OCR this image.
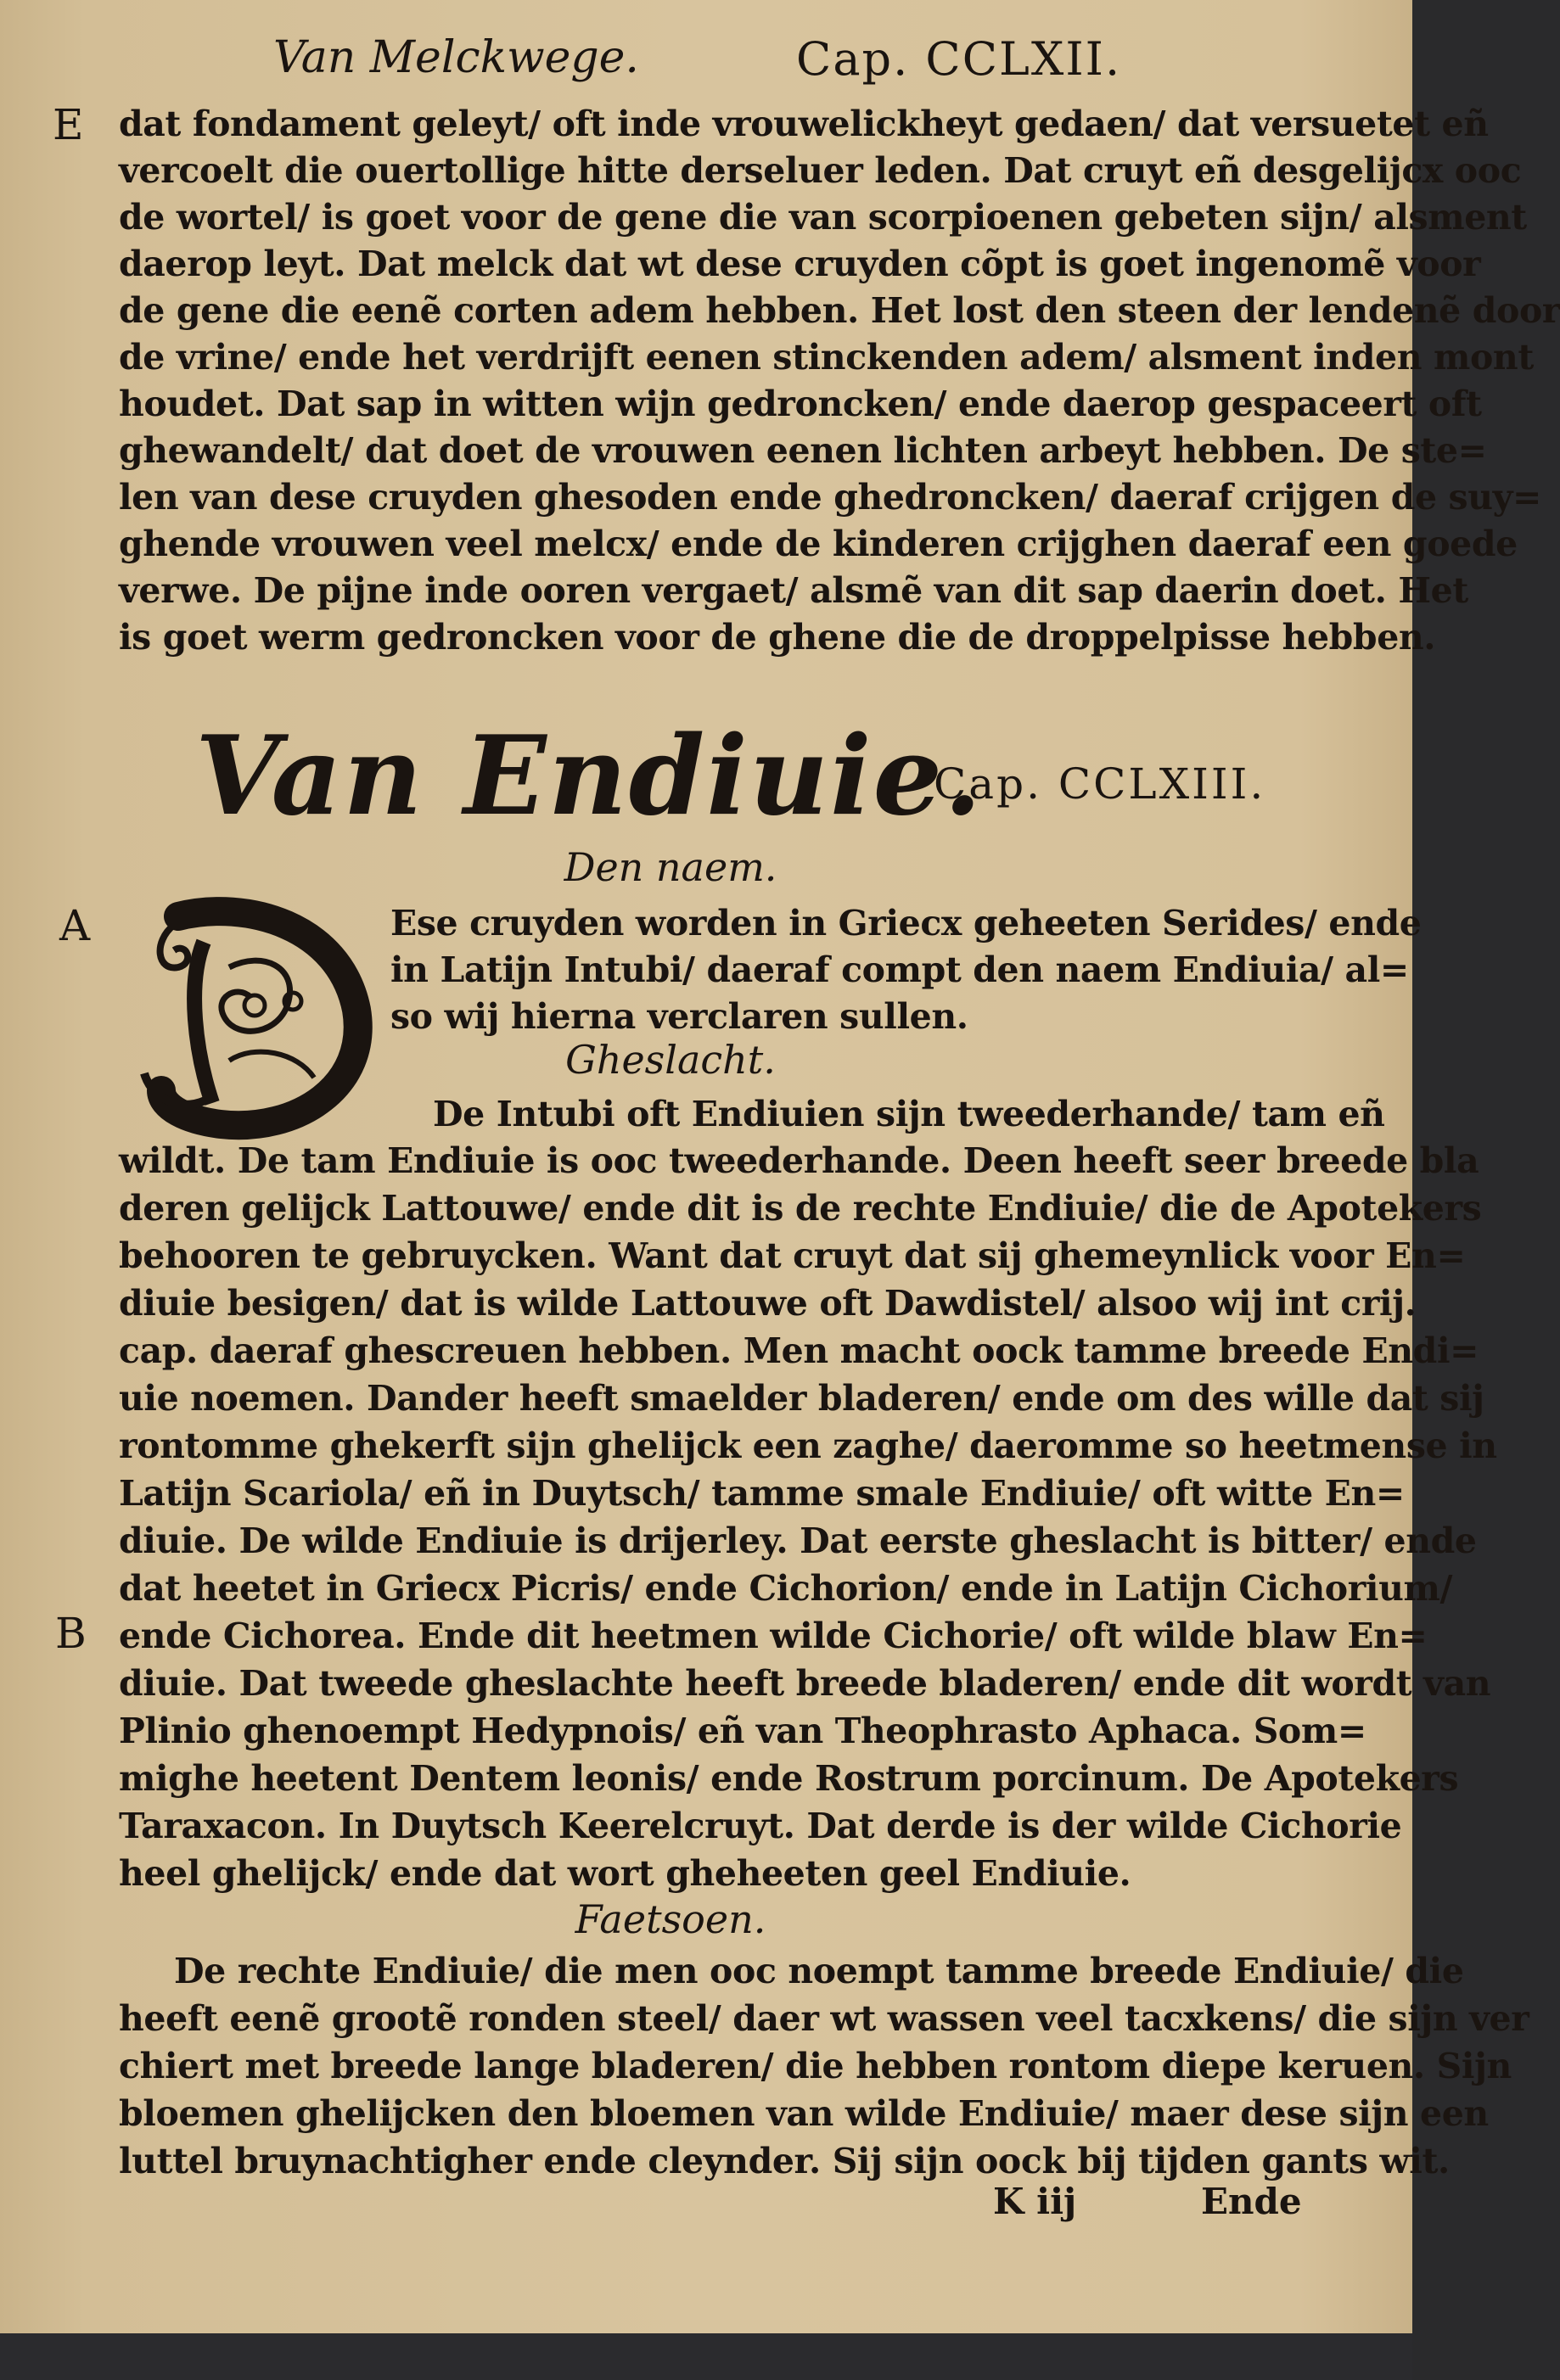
Van Melckwege.	Cap. CCLXII.
E dat fondament geleyt/ oft inde vrouwelickheyt gedaen/ dat versuetet eñ
vercoelt die ouertollige hitte derseluer leden. Dat cruyt eñ desgelijcx ooc
de wortel/ is goet voor de gene die van scorpioenen gebeten sijn/ alsment
daerop leyt. Dat melck dat wt dese cruyden cõpt is goet ingenomẽ voor
de gene die eenẽ corten adem hebben. Het lost den steen der lendenẽ door
de vrine/ ende het verdrijft eenen stinckenden adem/ alsment inden mont
houdet. Dat sap in witten wijn gedroncken/ ende daerop gespaceert oft
ghewandelt/ dat doet de vrouwen eenen lichten arbeyt hebben. De ste=
len van dese cruyden ghesoden ende ghedroncken/ daeraf crijgen de suy=
ghende vrouwen veel melcx/ ende de kinderen crijghen daeraf een goede
verwe. De pijne inde ooren vergaet/ alsmẽ van dit sap daerin doet. Het
is goet werm gedroncken voor de ghene die de droppelpisse hebben.
Van Endiuie.
Cap. CCLXIII.
Den naem.
A
D
Ese cruyden worden in Griecx geheeten Serides/ ende
in Latijn Intubi/ daeraf compt den naem Endiuia/ al=
so wij hierna verclaren sullen.
Gheslacht.
De Intubi oft Endiuien sijn tweederhande/ tam eñ
B
wildt. De tam Endiuie is ooc tweederhande. Deen heeft seer breede bla
deren gelijck Lattouwe/ ende dit is de rechte Endiuie/ die de Apotekers
behooren te gebruycken. Want dat cruyt dat sij ghemeynlick voor En=
diuie besigen/ dat is wilde Lattouwe oft Dawdistel/ alsoo wij int crij.
cap. daeraf ghescreuen hebben. Men macht oock tamme breede Endi=
uie noemen. Dander heeft smaelder bladeren/ ende om des wille dat sij
rontomme ghekerft sijn ghelijck een zaghe/ daeromme so heetmense in
Latijn Scariola/ eñ in Duytsch/ tamme smale Endiuie/ oft witte En=
diuie. De wilde Endiuie is drijerley. Dat eerste gheslacht is bitter/ ende
dat heetet in Griecx Picris/ ende Cichorion/ ende in Latijn Cichorium/
ende Cichorea. Ende dit heetmen wilde Cichorie/ oft wilde blaw En=
diuie. Dat tweede gheslachte heeft breede bladeren/ ende dit wordt van
Plinio ghenoempt Hedypnois/ eñ van Theophrasto Aphaca. Som=
mighe heetent Dentem leonis/ ende Rostrum porcinum. De Apotekers
Taraxacon. In Duytsch Keerelcruyt. Dat derde is der wilde Cichorie
heel ghelijck/ ende dat wort gheheeten geel Endiuie.
Faetsoen.
De rechte Endiuie/ die men ooc noempt tamme breede Endiuie/ die
heeft eenẽ grootẽ ronden steel/ daer wt wassen veel tacxkens/ die sijn ver
chiert met breede lange bladeren/ die hebben rontom diepe keruen. Sijn
bloemen ghelijcken den bloemen van wilde Endiuie/ maer dese sijn een
luttel bruynachtigher ende cleynder. Sij sijn oock bij tijden gants wit.
K iij	Ende
